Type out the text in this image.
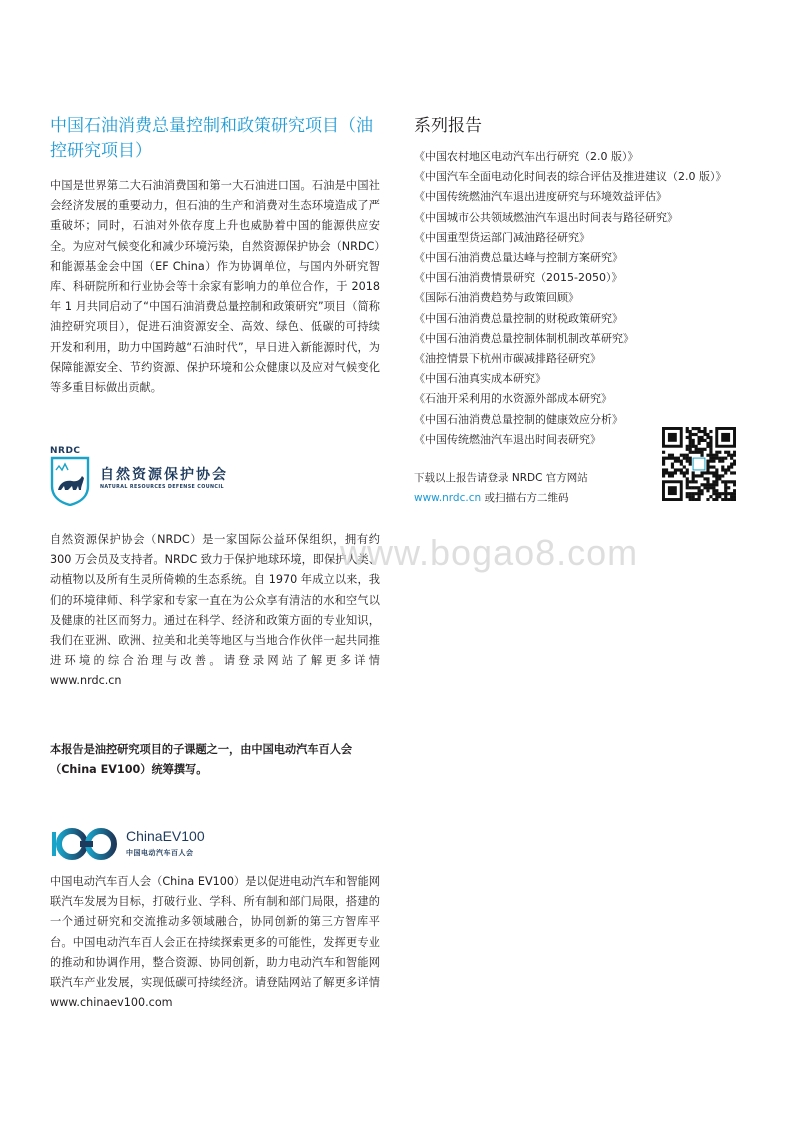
中国石油消费总量控制和政策研究项目（油控研究项目）

中国是世界第二大石油消费国和第一大石油进口国。石油是中国社会经济发展的重要动力，但石油的生产和消费对生态环境造成了严重破坏；同时，石油对外依存度上升也威胁着中国的能源供应安全。为应对气候变化和减少环境污染，自然资源保护协会（NRDC）和能源基金会中国（EF China）作为协调单位，与国内外研究智库、科研院所和行业协会等十余家有影响力的单位合作，于 2018 年 1 月共同启动了“中国石油消费总量控制和政策研究”项目（简称油控研究项目），促进石油资源安全、高效、绿色、低碳的可持续开发和利用，助力中国跨越“石油时代”，早日进入新能源时代，为保障能源安全、节约资源、保护环境和公众健康以及应对气候变化等多重目标做出贡献。

NRDC
自然资源保护协会
NATURAL RESOURCES DEFENSE COUNCIL

自然资源保护协会（NRDC）是一家国际公益环保组织，拥有约 300 万会员及支持者。NRDC 致力于保护地球环境，即保护人类、动植物以及所有生灵所倚赖的生态系统。自 1970 年成立以来，我们的环境律师、科学家和专家一直在为公众享有清洁的水和空气以及健康的社区而努力。通过在科学、经济和政策方面的专业知识，我们在亚洲、欧洲、拉美和北美等地区与当地合作伙伴一起共同推进环境的综合治理与改善。请登录网站了解更多详情 www.nrdc.cn

本报告是油控研究项目的子课题之一，由中国电动汽车百人会（China EV100）统筹撰写。

ChinaEV100
中国电动汽车百人会

中国电动汽车百人会（China EV100）是以促进电动汽车和智能网联汽车发展为目标，打破行业、学科、所有制和部门局限，搭建的一个通过研究和交流推动多领域融合，协同创新的第三方智库平台。中国电动汽车百人会正在持续探索更多的可能性，发挥更专业的推动和协调作用，整合资源、协同创新，助力电动汽车和智能网联汽车产业发展，实现低碳可持续经济。请登陆网站了解更多详情 www.chinaev100.com

系列报告
《中国农村地区电动汽车出行研究（2.0 版）》
《中国汽车全面电动化时间表的综合评估及推进建议（2.0 版）》
《中国传统燃油汽车退出进度研究与环境效益评估》
《中国城市公共领域燃油汽车退出时间表与路径研究》
《中国重型货运部门减油路径研究》
《中国石油消费总量达峰与控制方案研究》
《中国石油消费情景研究（2015-2050）》
《国际石油消费趋势与政策回顾》
《中国石油消费总量控制的财税政策研究》
《中国石油消费总量控制体制机制改革研究》
《油控情景下杭州市碳减排路径研究》
《中国石油真实成本研究》
《石油开采利用的水资源外部成本研究》
《中国石油消费总量控制的健康效应分析》
《中国传统燃油汽车退出时间表研究》

下载以上报告请登录 NRDC 官方网站

www.nrdc.cn 或扫描右方二维码

www.bogao8.com
